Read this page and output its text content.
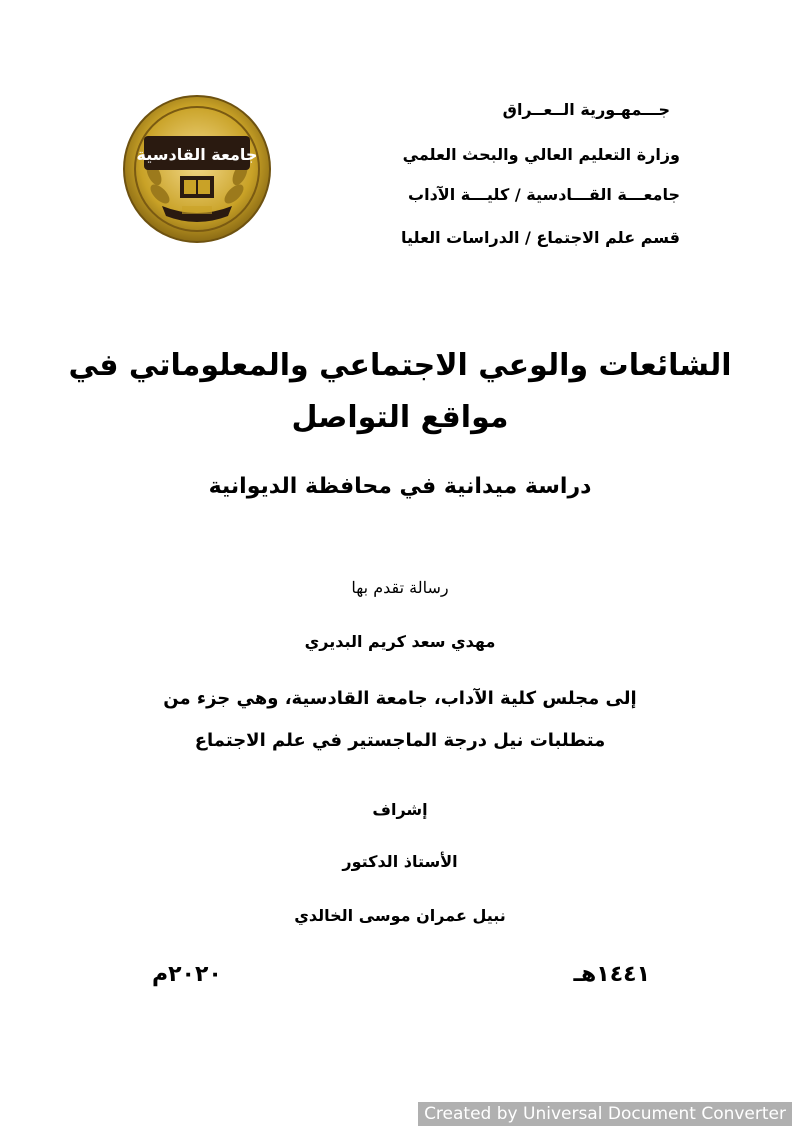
جـــمهـورية الــعــراق
وزارة التعليم العالي والبحث العلمي
جامعـــة القـــادسية / كليـــة الآداب
قسم علم الاجتماع / الدراسات العليا
جامعة القادسية
الشائعات والوعي الاجتماعي والمعلوماتي في
مواقع التواصل
دراسة ميدانية في محافظة الديوانية
رسالة تقدم بها
مهدي سعد كريم البديري
إلى مجلس كلية الآداب، جامعة القادسية، وهي جزء من
متطلبات نيل درجة الماجستير في علم الاجتماع
إشراف
الأستاذ الدكتور
نبيل عمران موسى الخالدي
١٤٤١هـ
٢٠٢٠م
Created by Universal Document Converter
